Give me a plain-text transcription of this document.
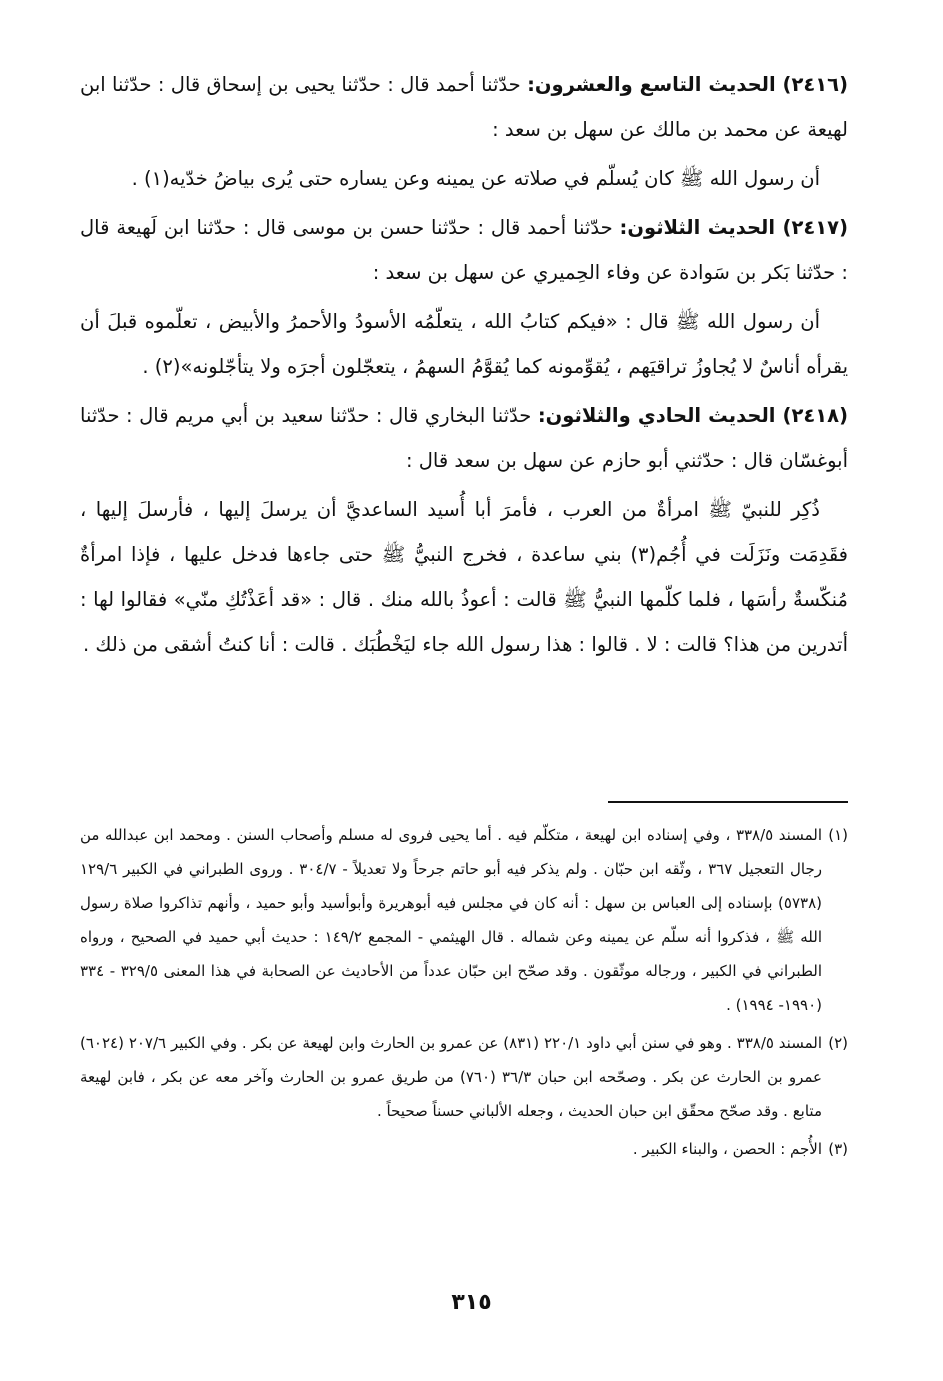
(٢٤١٦) الحديث التاسع والعشرون: حدّثنا أحمد قال : حدّثنا يحيى بن إسحاق قال : حدّثنا ابن لهيعة عن محمد بن مالك عن سهل بن سعد :

أن رسول الله ﷺ كان يُسلّم في صلاته عن يمينه وعن يساره حتى يُرى بياضُ خدّيه(١) .

(٢٤١٧) الحديث الثلاثون: حدّثنا أحمد قال : حدّثنا حسن بن موسى قال : حدّثنا ابن لَهيعة قال : حدّثنا بَكر بن سَوادة عن وفاء الحِميري عن سهل بن سعد :

أن رسول الله ﷺ قال : «فيكم كتابُ الله ، يتعلّمُه الأسودُ والأحمرُ والأبيض ، تعلّموه قبلَ أن يقرأه أناسٌ لا يُجاوزُ تراقيَهم ، يُقوِّمونه كما يُقوَّمُ السهمُ ، يتعجّلون أجرَه ولا يتأجّلونه»(٢) .

(٢٤١٨) الحديث الحادي والثلاثون: حدّثنا البخاري قال : حدّثنا سعيد بن أبي مريم قال : حدّثنا أبوغسّان قال : حدّثني أبو حازم عن سهل بن سعد قال :

ذُكِر للنبيّ ﷺ امرأةٌ من العرب ، فأمرَ أبا أُسيد الساعديَّ أن يرسلَ إليها ، فأرسلَ إليها ، فقَدِمَت ونَزَلَت في أُجُم(٣) بني ساعدة ، فخرج النبيُّ ﷺ حتى جاءها فدخل عليها ، فإذا امرأةٌ مُنكّسةٌ رأسَها ، فلما كلّمها النبيُّ ﷺ قالت : أعوذُ بالله منك . قال : «قد أعَذْتُكِ منّي» فقالوا لها : أتدرين من هذا؟ قالت : لا . قالوا : هذا رسول الله جاء ليَخْطُبَك . قالت : أنا كنتُ أشقى من ذلك .

(١)
المسند ٣٣٨/٥ ، وفي إسناده ابن لهيعة ، متكلّم فيه . أما يحيى فروى له مسلم وأصحاب السنن . ومحمد ابن عبدالله من رجال التعجيل ٣٦٧ ، وثّقه ابن حبّان . ولم يذكر فيه أبو حاتم جرحاً ولا تعديلاً - ٣٠٤/٧ . وروى الطبراني في الكبير ١٢٩/٦ (٥٧٣٨) بإسناده إلى العباس بن سهل : أنه كان في مجلس فيه أبوهريرة وأبوأسيد وأبو حميد ، وأنهم تذاكروا صلاة رسول الله ﷺ ، فذكروا أنه سلّم عن يمينه وعن شماله . قال الهيثمي - المجمع ١٤٩/٢ : حديث أبي حميد في الصحيح ، ورواه الطبراني في الكبير ، ورجاله موثّقون . وقد صحّح ابن حبّان عدداً من الأحاديث عن الصحابة في هذا المعنى ٣٢٩/٥ - ٣٣٤ (١٩٩٠- ١٩٩٤) .

(٢)
المسند ٣٣٨/٥ . وهو في سنن أبي داود ٢٢٠/١ (٨٣١) عن عمرو بن الحارث وابن لهيعة عن بكر . وفي الكبير ٢٠٧/٦ (٦٠٢٤) عمرو بن الحارث عن بكر . وصحّحه ابن حبان ٣٦/٣ (٧٦٠) من طريق عمرو بن الحارث وآخر معه عن بكر ، فابن لهيعة متابع . وقد صحّح محقّق ابن حبان الحديث ، وجعله الألباني حسناً صحيحاً .

(٣)
الأُجم : الحصن ، والبناء الكبير .

٣١٥
